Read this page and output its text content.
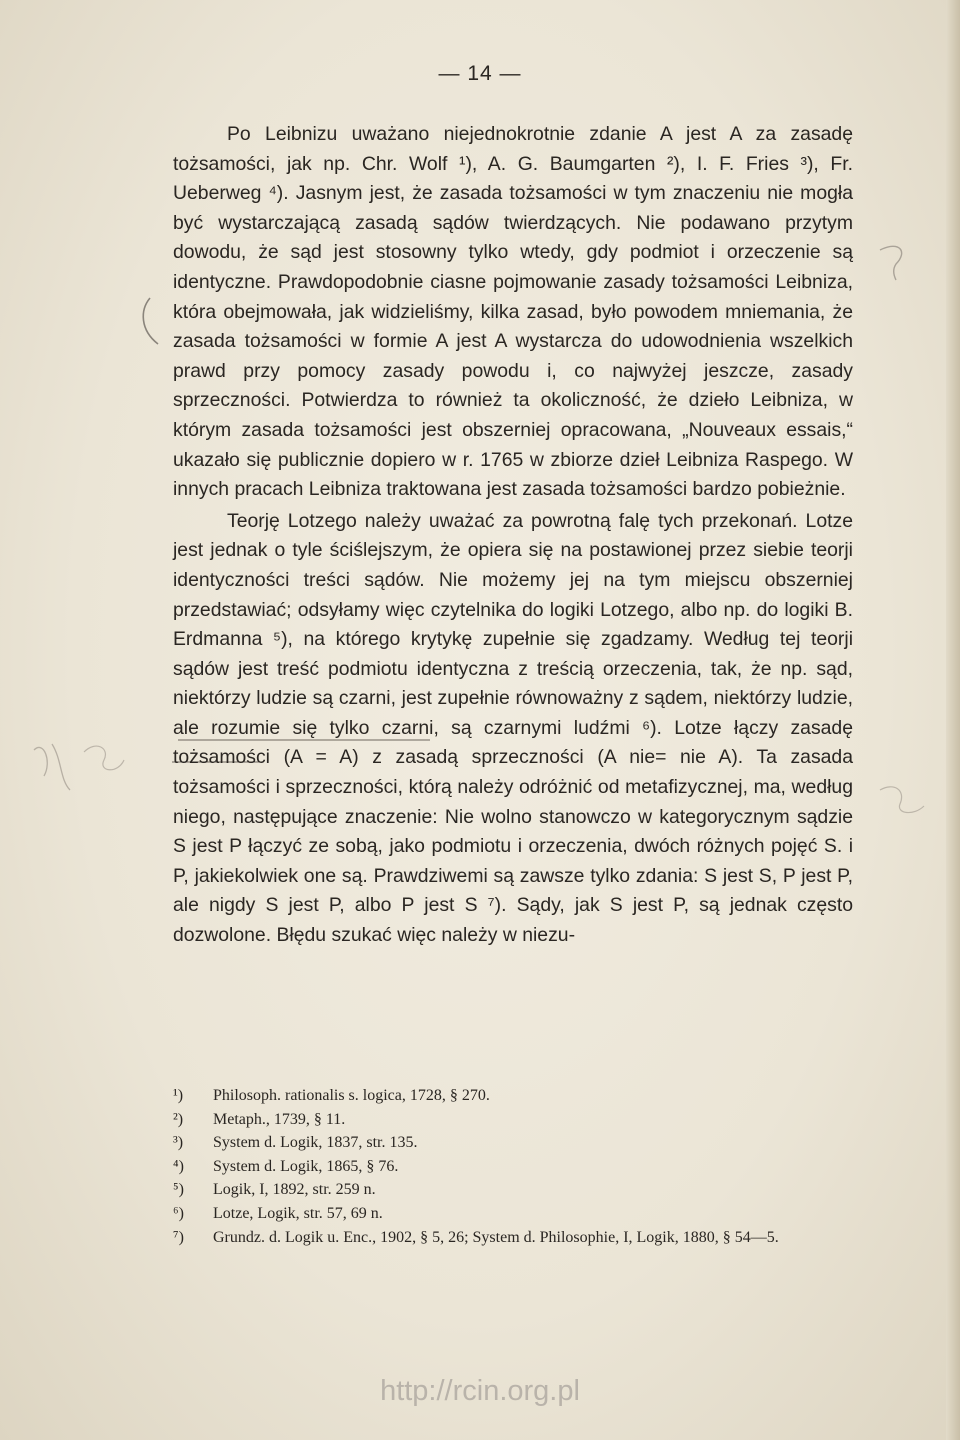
— 14 —

Po Leibnizu uważano niejednokrotnie zdanie A jest A za zasadę tożsamości, jak np. Chr. Wolf ¹), A. G. Baumgarten ²), I. F. Fries ³), Fr. Ueberweg ⁴). Jasnym jest, że zasada tożsamości w tym znaczeniu nie mogła być wystarczającą zasadą sądów twierdzących. Nie podawano przytym dowodu, że sąd jest stosowny tylko wtedy, gdy podmiot i orzeczenie są identyczne. Prawdopodobnie ciasne pojmowanie zasady tożsamości Leibniza, która obejmowała, jak widzieliśmy, kilka zasad, było powodem mniemania, że zasada tożsamości w formie A jest A wystarcza do udowodnienia wszelkich prawd przy pomocy zasady powodu i, co najwyżej jeszcze, zasady sprzeczności. Potwierdza to również ta okoliczność, że dzieło Leibniza, w którym zasada tożsamości jest obszerniej opracowana, „Nouveaux essais,“ ukazało się publicznie dopiero w r. 1765 w zbiorze dzieł Leibniza Raspego. W innych pracach Leibniza traktowana jest zasada tożsamości bardzo pobieżnie.

Teorję Lotzego należy uważać za powrotną falę tych przekonań. Lotze jest jednak o tyle ściślejszym, że opiera się na postawionej przez siebie teorji identyczności treści sądów. Nie możemy jej na tym miejscu obszerniej przedstawiać; odsyłamy więc czytelnika do logiki Lotzego, albo np. do logiki B. Erdmanna ⁵), na którego krytykę zupełnie się zgadzamy. Według tej teorji sądów jest treść podmiotu identyczna z treścią orzeczenia, tak, że np. sąd, niektórzy ludzie są czarni, jest zupełnie równoważny z sądem, niektórzy ludzie, ale rozumie się tylko czarni, są czarnymi ludźmi ⁶). Lotze łączy zasadę tożsamości (A = A) z zasadą sprzeczności (A nie= nie A). Ta zasada tożsamości i sprzeczności, którą należy odróżnić od metafizycznej, ma, według niego, następujące znaczenie: Nie wolno stanowczo w kategorycznym sądzie S jest P łączyć ze sobą, jako podmiotu i orzeczenia, dwóch różnych pojęć S. i P, jakiekolwiek one są. Prawdziwemi są zawsze tylko zdania: S jest S, P jest P, ale nigdy S jest P, albo P jest S ⁷). Sądy, jak S jest P, są jednak często dozwolone. Błędu szukać więc należy w niezu-

¹) Philosoph. rationalis s. logica, 1728, § 270.

²) Metaph., 1739, § 11.

³) System d. Logik, 1837, str. 135.

⁴) System d. Logik, 1865, § 76.

⁵) Logik, I, 1892, str. 259 n.

⁶) Lotze, Logik, str. 57, 69 n.

⁷) Grundz. d. Logik u. Enc., 1902, § 5, 26; System d. Philosophie, I, Logik, 1880, § 54—5.

http://rcin.org.pl
